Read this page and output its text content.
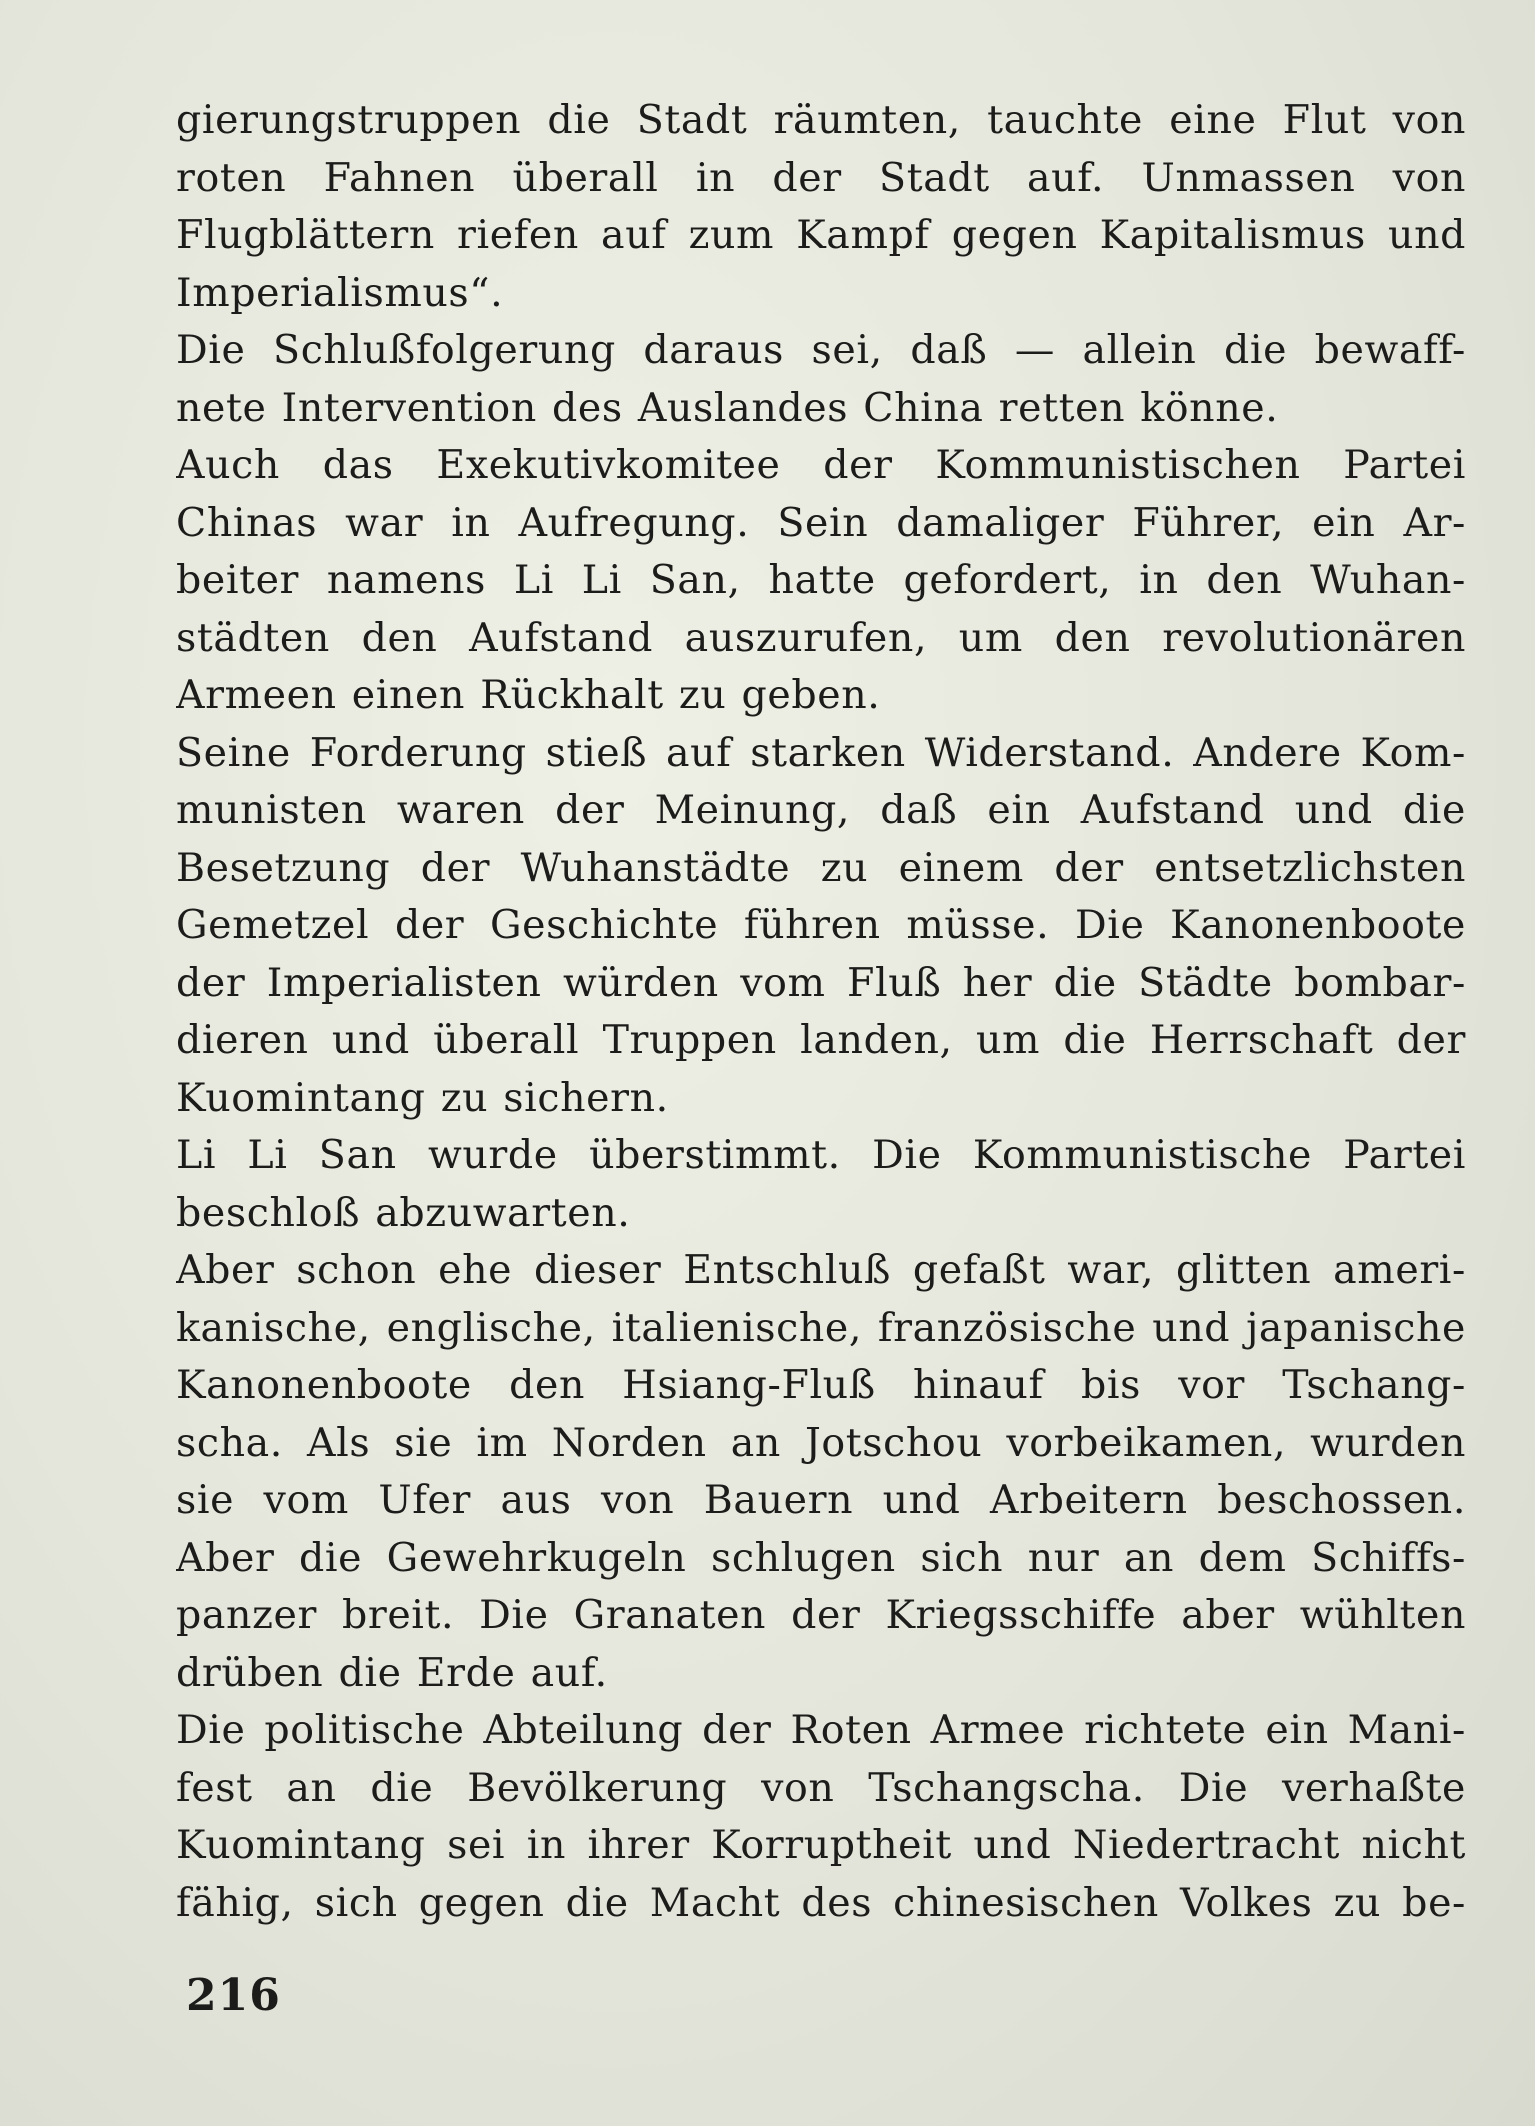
gierungstruppen die Stadt räumten, tauchte eine Flut von
roten Fahnen überall in der Stadt auf. Unmassen von
Flugblättern riefen auf zum Kampf gegen Kapitalismus und
Imperialismus“.
Die Schlußfolgerung daraus sei, daß — allein die bewaff-
nete Intervention des Auslandes China retten könne.
Auch das Exekutivkomitee der Kommunistischen Partei
Chinas war in Aufregung. Sein damaliger Führer, ein Ar-
beiter namens Li Li San, hatte gefordert, in den Wuhan-
städten den Aufstand auszurufen, um den revolutionären
Armeen einen Rückhalt zu geben.
Seine Forderung stieß auf starken Widerstand. Andere Kom-
munisten waren der Meinung, daß ein Aufstand und die
Besetzung der Wuhanstädte zu einem der entsetzlichsten
Gemetzel der Geschichte führen müsse. Die Kanonenboote
der Imperialisten würden vom Fluß her die Städte bombar-
dieren und überall Truppen landen, um die Herrschaft der
Kuomintang zu sichern.
Li Li San wurde überstimmt. Die Kommunistische Partei
beschloß abzuwarten.
Aber schon ehe dieser Entschluß gefaßt war, glitten ameri-
kanische, englische, italienische, französische und japanische
Kanonenboote den Hsiang-Fluß hinauf bis vor Tschang-
scha. Als sie im Norden an Jotschou vorbeikamen, wurden
sie vom Ufer aus von Bauern und Arbeitern beschossen.
Aber die Gewehrkugeln schlugen sich nur an dem Schiffs-
panzer breit. Die Granaten der Kriegsschiffe aber wühlten
drüben die Erde auf.
Die politische Abteilung der Roten Armee richtete ein Mani-
fest an die Bevölkerung von Tschangscha. Die verhaßte
Kuomintang sei in ihrer Korruptheit und Niedertracht nicht
fähig, sich gegen die Macht des chinesischen Volkes zu be-
216
